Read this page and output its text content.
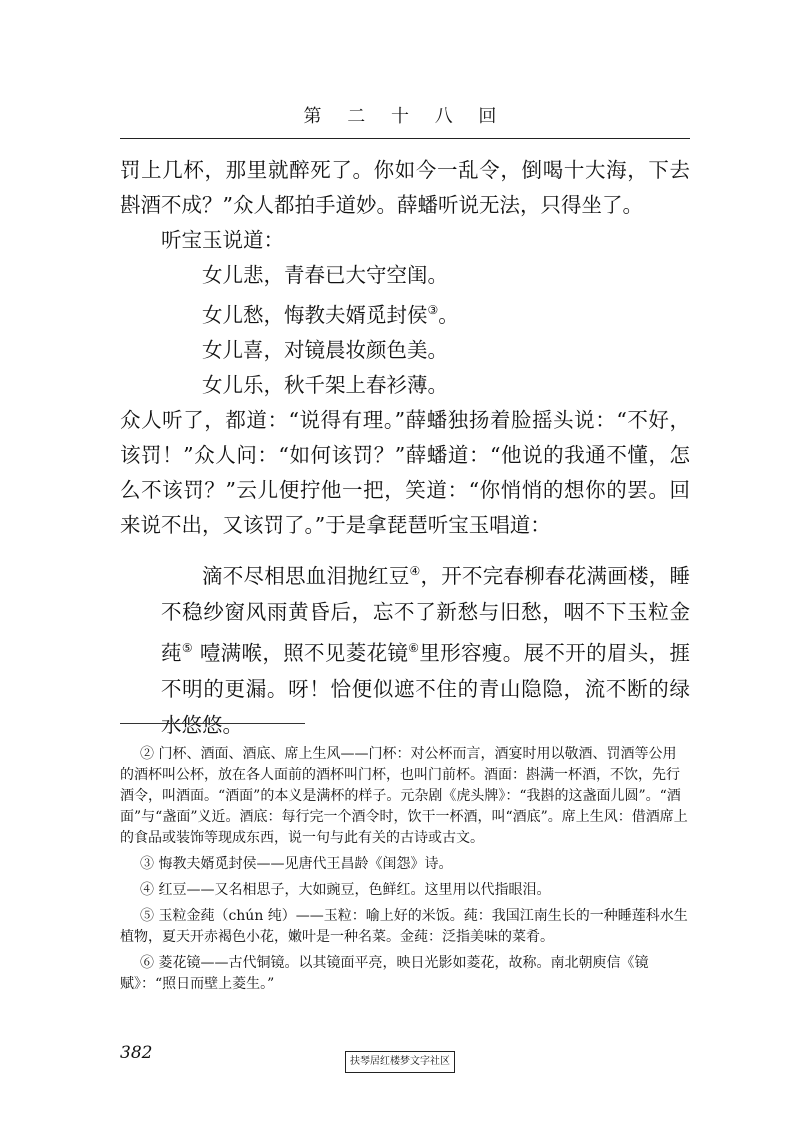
第 二 十 八 回

罚上几杯，那里就醉死了。你如今一乱令，倒喝十大海，下去斟酒不成？”众人都拍手道妙。薛蟠听说无法，只得坐了。

听宝玉说道：

女儿悲，青春已大守空闺。

女儿愁，悔教夫婿觅封侯③。

女儿喜，对镜晨妆颜色美。

女儿乐，秋千架上春衫薄。

众人听了，都道：“说得有理。”薛蟠独扬着脸摇头说：“不好，该罚！”众人问：“如何该罚？”薛蟠道：“他说的我通不懂，怎么不该罚？”云儿便拧他一把，笑道：“你悄悄的想你的罢。回来说不出，又该罚了。”于是拿琵琶听宝玉唱道：

滴不尽相思血泪抛红豆④，开不完春柳春花满画楼，睡不稳纱窗风雨黄昏后，忘不了新愁与旧愁，咽不下玉粒金莼⑤ 噎满喉，照不见菱花镜⑥里形容瘦。展不开的眉头，捱不明的更漏。呀！恰便似遮不住的青山隐隐，流不断的绿水悠悠。

② 门杯、酒面、酒底、席上生风——门杯：对公杯而言，酒宴时用以敬酒、罚酒等公用的酒杯叫公杯，放在各人面前的酒杯叫门杯，也叫门前杯。酒面：斟满一杯酒，不饮，先行酒令，叫酒面。“酒面”的本义是满杯的样子。元杂剧《虎头牌》：“我斟的这盏面儿圆”。“酒面”与“盏面”义近。酒底：每行完一个酒令时，饮干一杯酒，叫“酒底”。席上生风：借酒席上的食品或装饰等现成东西，说一句与此有关的古诗或古文。

③ 悔教夫婿觅封侯——见唐代王昌龄《闺怨》诗。

④ 红豆——又名相思子，大如豌豆，色鲜红。这里用以代指眼泪。

⑤ 玉粒金莼（chún 纯）——玉粒：喻上好的米饭。莼：我国江南生长的一种睡莲科水生植物，夏天开赤褐色小花，嫩叶是一种名菜。金莼：泛指美味的菜肴。

⑥ 菱花镜——古代铜镜。以其镜面平亮，映日光影如菱花，故称。南北朝庾信《镜赋》：“照日而壁上菱生。”

382	扶琴居红楼梦文字社区
